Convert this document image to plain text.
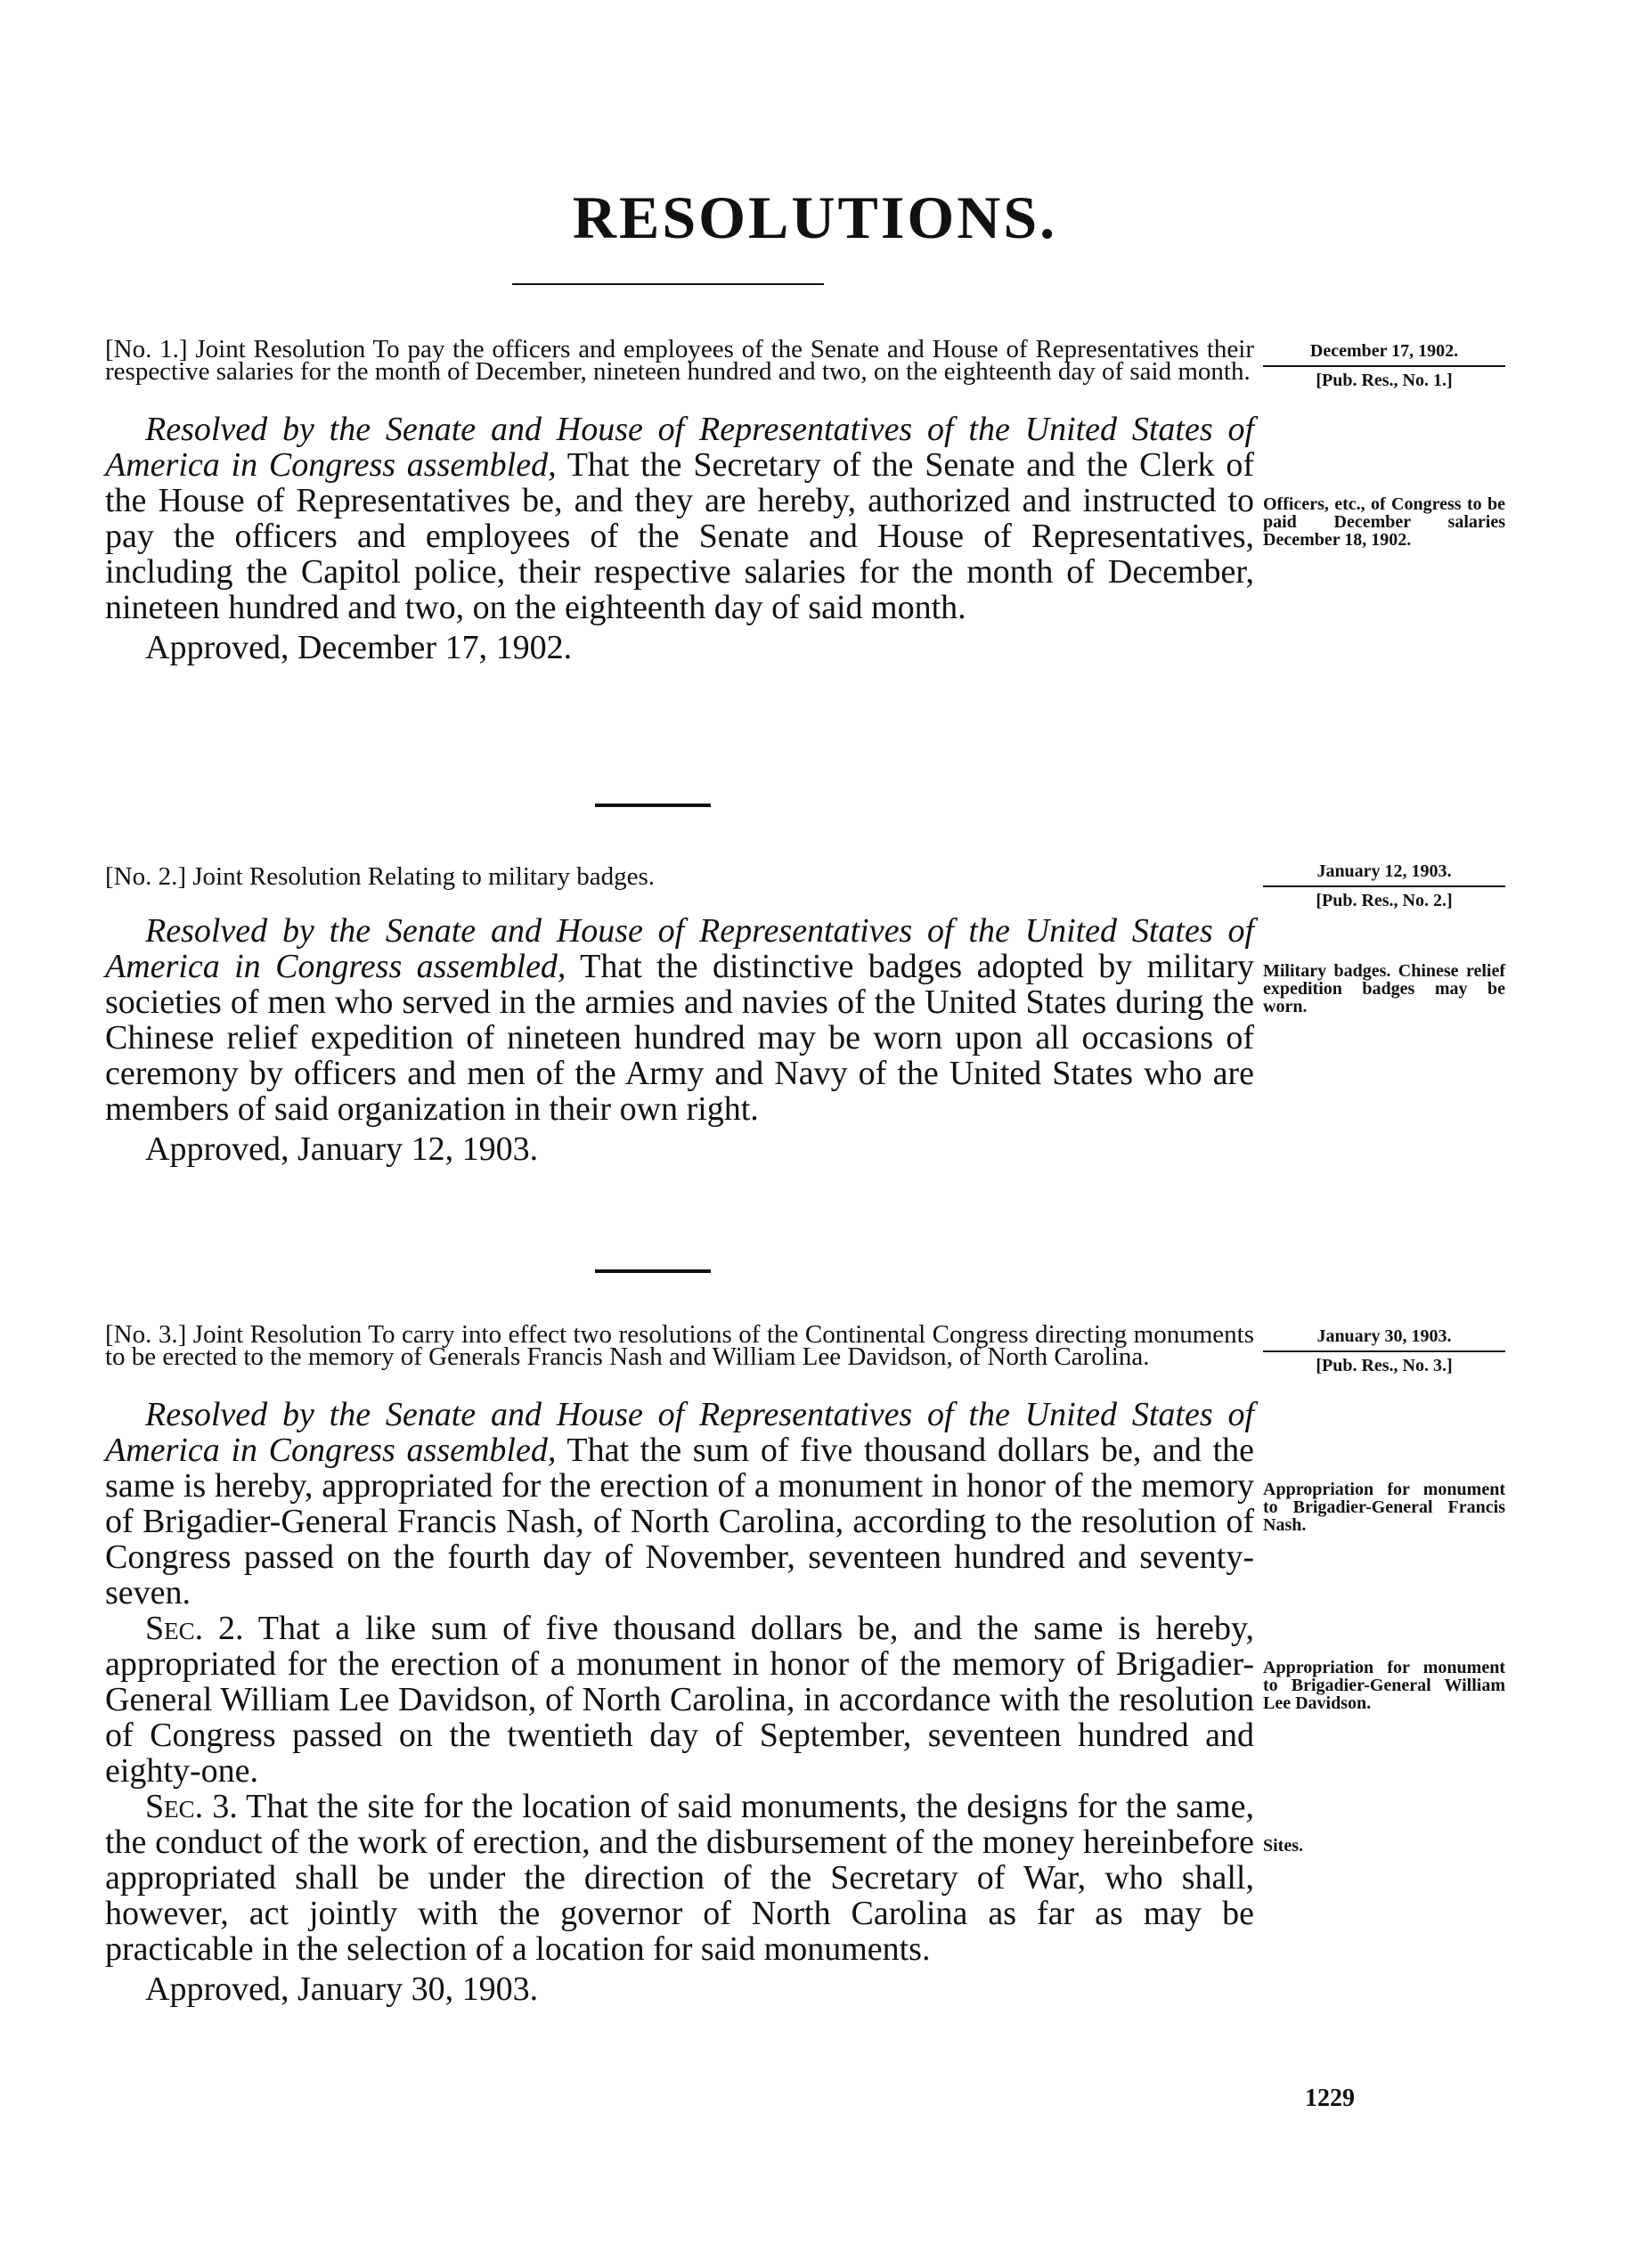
RESOLUTIONS.

[No. 1.] Joint Resolution To pay the officers and employees of the Senate and House of Representatives their respective salaries for the month of December, nineteen hundred and two, on the eighteenth day of said month.

Resolved by the Senate and House of Representatives of the United States of America in Congress assembled, That the Secretary of the Senate and the Clerk of the House of Representatives be, and they are hereby, authorized and instructed to pay the officers and employees of the Senate and House of Representatives, including the Capitol police, their respective salaries for the month of December, nineteen hundred and two, on the eighteenth day of said month.

Approved, December 17, 1902.

December 17, 1902.
[Pub. Res., No. 1.]
Officers, etc., of Congress to be paid December salaries December 18, 1902.

[No. 2.] Joint Resolution Relating to military badges.

Resolved by the Senate and House of Representatives of the United States of America in Congress assembled, That the distinctive badges adopted by military societies of men who served in the armies and navies of the United States during the Chinese relief expedition of nineteen hundred may be worn upon all occasions of ceremony by officers and men of the Army and Navy of the United States who are members of said organization in their own right.

Approved, January 12, 1903.

January 12, 1903.
[Pub. Res., No. 2.]
Military badges. Chinese relief expedition badges may be worn.

[No. 3.] Joint Resolution To carry into effect two resolutions of the Continental Congress directing monuments to be erected to the memory of Generals Francis Nash and William Lee Davidson, of North Carolina.

Resolved by the Senate and House of Representatives of the United States of America in Congress assembled, That the sum of five thousand dollars be, and the same is hereby, appropriated for the erection of a monument in honor of the memory of Brigadier-General Francis Nash, of North Carolina, according to the resolution of Congress passed on the fourth day of November, seventeen hundred and seventy-seven.

Sec. 2. That a like sum of five thousand dollars be, and the same is hereby, appropriated for the erection of a monument in honor of the memory of Brigadier-General William Lee Davidson, of North Carolina, in accordance with the resolution of Congress passed on the twentieth day of September, seventeen hundred and eighty-one.

Sec. 3. That the site for the location of said monuments, the designs for the same, the conduct of the work of erection, and the disbursement of the money hereinbefore appropriated shall be under the direction of the Secretary of War, who shall, however, act jointly with the governor of North Carolina as far as may be practicable in the selection of a location for said monuments.

Approved, January 30, 1903.

January 30, 1903.
[Pub. Res., No. 3.]
Appropriation for monument to Brigadier-General Francis Nash.
Appropriation for monument to Brigadier-General William Lee Davidson.
Sites.
1229
